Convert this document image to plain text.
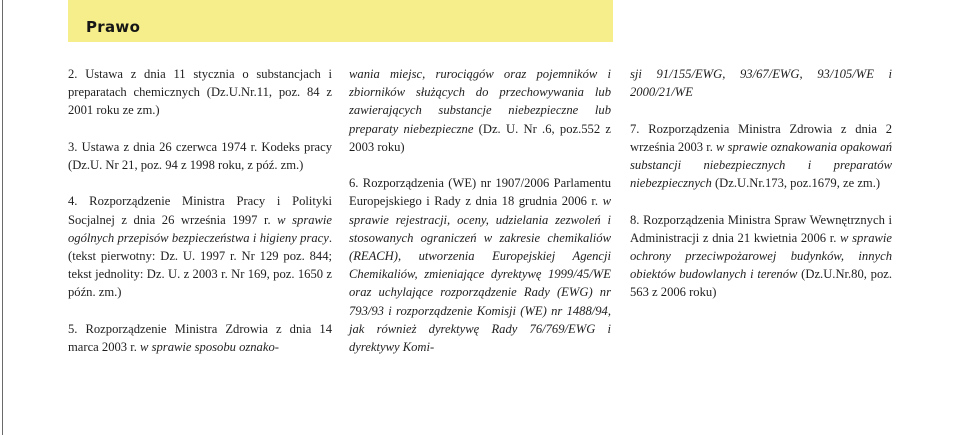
Prawo

2. Ustawa z dnia 11 stycznia o substancjach i preparatach chemicznych (Dz.U.Nr.11, poz. 84 z 2001 roku ze zm.)

3. Ustawa z dnia 26 czerwca 1974 r. Kodeks pracy (Dz.U. Nr 21, poz. 94 z 1998 roku, z póź. zm.)

4. Rozporządzenie Ministra Pracy i Polityki Socjalnej z dnia 26 września 1997 r. w sprawie ogólnych przepisów bezpieczeństwa i higieny pracy. (tekst pierwotny: Dz. U. 1997 r. Nr 129 poz. 844; tekst jednolity: Dz. U. z 2003 r. Nr 169, poz. 1650 z późn. zm.)

5. Rozporządzenie Ministra Zdrowia z dnia 14 marca 2003 r. w sprawie sposobu oznako-

wania miejsc, rurociągów oraz pojemników i zbiorników służących do przechowywania lub zawierających substancje niebezpieczne lub preparaty niebezpieczne (Dz. U. Nr .6, poz.552 z 2003 roku)

6. Rozporządzenia (WE) nr 1907/2006 Parlamentu Europejskiego i Rady z dnia 18 grudnia 2006 r. w sprawie rejestracji, oceny, udzielania zezwoleń i stosowanych ograniczeń w zakresie chemikaliów (REACH), utworzenia Europejskiej Agencji Chemikaliów, zmieniające dyrektywę 1999/45/WE oraz uchylające rozporządzenie Rady (EWG) nr 793/93 i rozporządzenie Komisji (WE) nr 1488/94, jak również dyrektywę Rady 76/769/EWG i dyrektywy Komi-

sji 91/155/EWG, 93/67/EWG, 93/105/WE i 2000/21/WE

7. Rozporządzenia Ministra Zdrowia z dnia 2 września 2003 r. w sprawie oznakowania opakowań substancji niebezpiecznych i preparatów niebezpiecznych (Dz.U.Nr.173, poz.1679, ze zm.)

8. Rozporządzenia Ministra Spraw Wewnętrznych i Administracji z dnia 21 kwietnia 2006 r. w sprawie ochrony przeciwpożarowej budynków, innych obiektów budowlanych i terenów (Dz.U.Nr.80, poz. 563 z 2006 roku)
